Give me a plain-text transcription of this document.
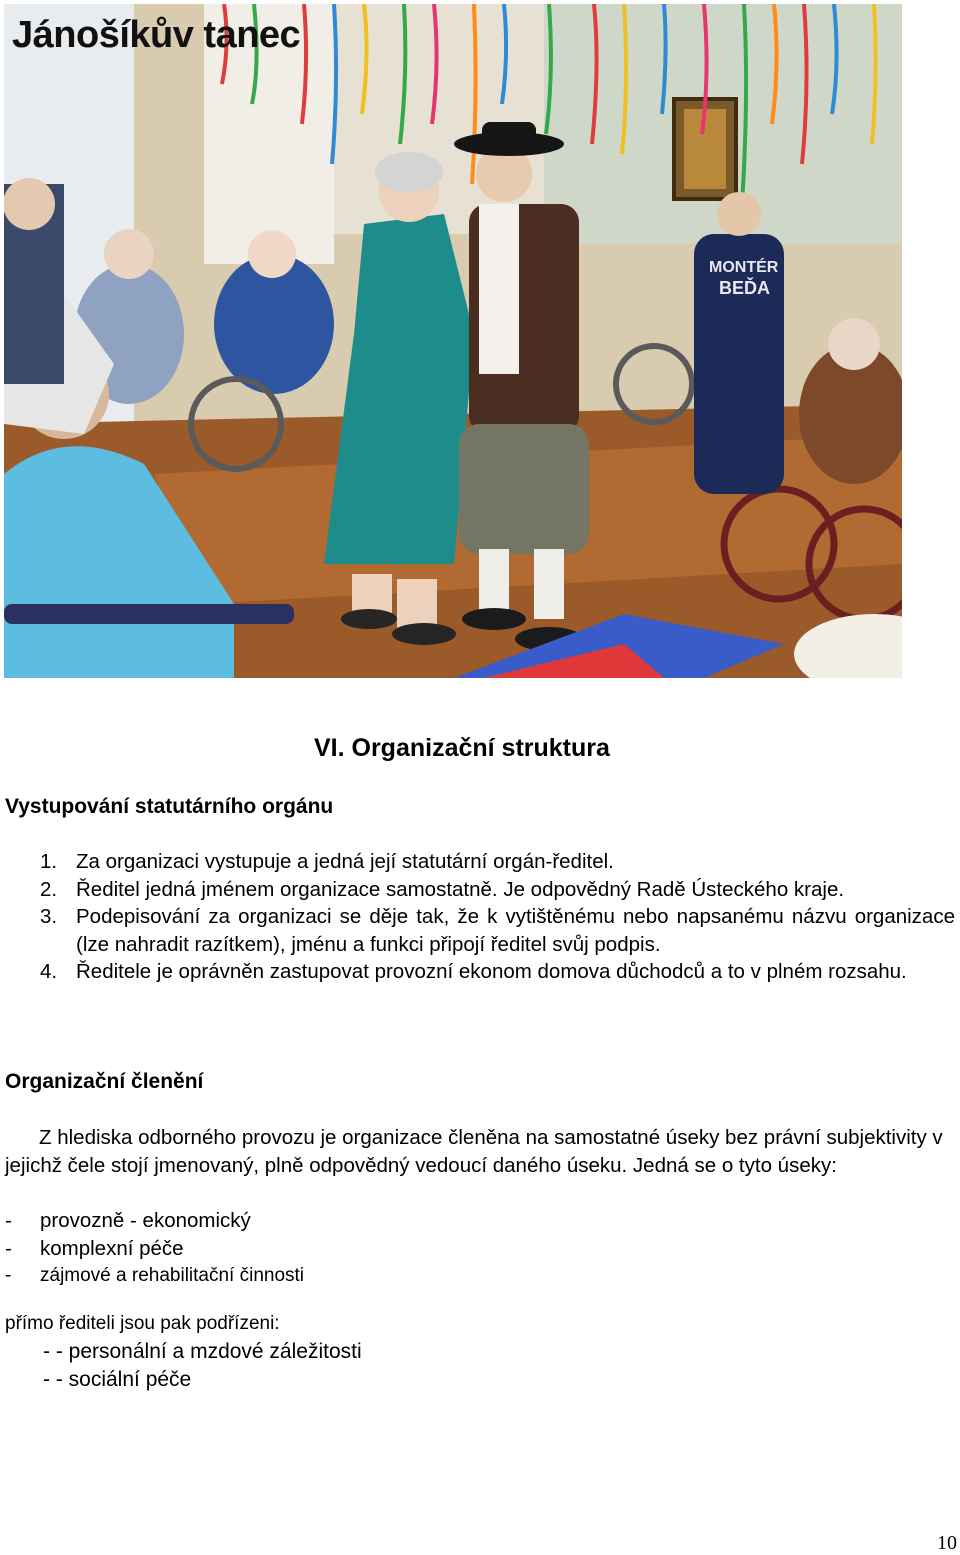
MONTÉR
BEĎA
Jánošíkův tanec
VI. Organizační struktura
Vystupování statutárního orgánu
1. Za organizaci vystupuje a jedná její statutární orgán-ředitel.
2. Ředitel jedná jménem organizace samostatně. Je odpovědný Radě Ústeckého kraje.
3. Podepisování za organizaci se děje tak, že k vytištěnému nebo napsanému názvu organizace (lze nahradit razítkem), jménu a funkci připojí ředitel svůj podpis.
4. Ředitele je oprávněn zastupovat provozní ekonom domova důchodců a to v plném rozsahu.
Organizační členění

Z hlediska odborného provozu je organizace členěna na samostatné úseky bez právní subjektivity v jejichž čele stojí jmenovaný, plně odpovědný vedoucí daného úseku. Jedná se o tyto úseky:

- provozně - ekonomický
- komplexní péče
- zájmové a rehabilitační činnosti
přímo řediteli jsou pak podřízeni:
- - personální a mzdové záležitosti
- - sociální péče
10
